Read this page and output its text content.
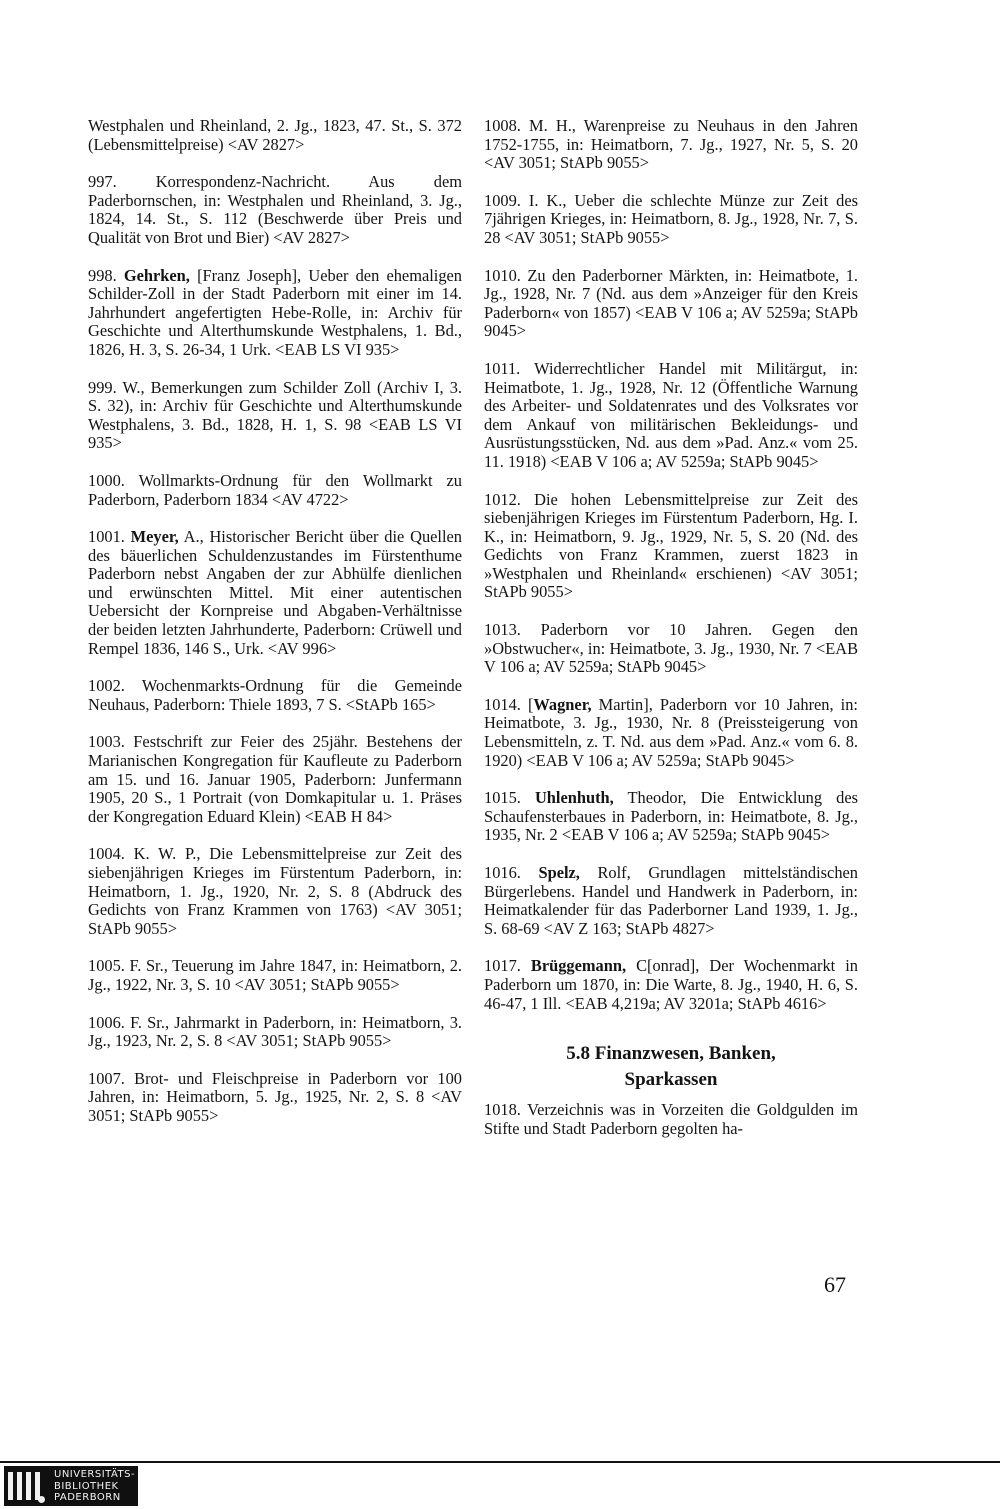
Westphalen und Rheinland, 2. Jg., 1823, 47. St., S. 372 (Lebensmittelpreise) <AV 2827>

997. Korrespondenz-Nachricht. Aus dem Paderbornschen, in: Westphalen und Rheinland, 3. Jg., 1824, 14. St., S. 112 (Beschwerde über Preis und Qualität von Brot und Bier) <AV 2827>

998. Gehrken, [Franz Joseph], Ueber den ehemaligen Schilder-Zoll in der Stadt Paderborn mit einer im 14. Jahrhundert angefertigten Hebe-Rolle, in: Archiv für Geschichte und Alterthumskunde Westphalens, 1. Bd., 1826, H. 3, S. 26-34, 1 Urk. <EAB LS VI 935>

999. W., Bemerkungen zum Schilder Zoll (Archiv I, 3. S. 32), in: Archiv für Geschichte und Alterthumskunde Westphalens, 3. Bd., 1828, H. 1, S. 98 <EAB LS VI 935>

1000. Wollmarkts-Ordnung für den Wollmarkt zu Paderborn, Paderborn 1834 <AV 4722>

1001. Meyer, A., Historischer Bericht über die Quellen des bäuerlichen Schuldenzustandes im Fürstenthume Paderborn nebst Angaben der zur Abhülfe dienlichen und erwünschten Mittel. Mit einer autentischen Uebersicht der Kornpreise und Abgaben-Verhältnisse der beiden letzten Jahrhunderte, Paderborn: Crüwell und Rempel 1836, 146 S., Urk. <AV 996>

1002. Wochenmarkts-Ordnung für die Gemeinde Neuhaus, Paderborn: Thiele 1893, 7 S. <StAPb 165>

1003. Festschrift zur Feier des 25jähr. Bestehens der Marianischen Kongregation für Kaufleute zu Paderborn am 15. und 16. Januar 1905, Paderborn: Junfermann 1905, 20 S., 1 Portrait (von Domkapitular u. 1. Präses der Kongregation Eduard Klein) <EAB H 84>

1004. K. W. P., Die Lebensmittelpreise zur Zeit des siebenjährigen Krieges im Fürstentum Paderborn, in: Heimatborn, 1. Jg., 1920, Nr. 2, S. 8 (Abdruck des Gedichts von Franz Krammen von 1763) <AV 3051; StAPb 9055>

1005. F. Sr., Teuerung im Jahre 1847, in: Heimatborn, 2. Jg., 1922, Nr. 3, S. 10 <AV 3051; StAPb 9055>

1006. F. Sr., Jahrmarkt in Paderborn, in: Heimatborn, 3. Jg., 1923, Nr. 2, S. 8 <AV 3051; StAPb 9055>

1007. Brot- und Fleischpreise in Paderborn vor 100 Jahren, in: Heimatborn, 5. Jg., 1925, Nr. 2, S. 8 <AV 3051; StAPb 9055>

1008. M. H., Warenpreise zu Neuhaus in den Jahren 1752-1755, in: Heimatborn, 7. Jg., 1927, Nr. 5, S. 20 <AV 3051; StAPb 9055>

1009. I. K., Ueber die schlechte Münze zur Zeit des 7jährigen Krieges, in: Heimatborn, 8. Jg., 1928, Nr. 7, S. 28 <AV 3051; StAPb 9055>

1010. Zu den Paderborner Märkten, in: Heimatbote, 1. Jg., 1928, Nr. 7 (Nd. aus dem »Anzeiger für den Kreis Paderborn« von 1857) <EAB V 106 a; AV 5259a; StAPb 9045>

1011. Widerrechtlicher Handel mit Militärgut, in: Heimatbote, 1. Jg., 1928, Nr. 12 (Öffentliche Warnung des Arbeiter- und Soldatenrates und des Volksrates vor dem Ankauf von militärischen Bekleidungs- und Ausrüstungsstücken, Nd. aus dem »Pad. Anz.« vom 25. 11. 1918) <EAB V 106 a; AV 5259a; StAPb 9045>

1012. Die hohen Lebensmittelpreise zur Zeit des siebenjährigen Krieges im Fürstentum Paderborn, Hg. I. K., in: Heimatborn, 9. Jg., 1929, Nr. 5, S. 20 (Nd. des Gedichts von Franz Krammen, zuerst 1823 in »Westphalen und Rheinland« erschienen) <AV 3051; StAPb 9055>

1013. Paderborn vor 10 Jahren. Gegen den »Obstwucher«, in: Heimatbote, 3. Jg., 1930, Nr. 7 <EAB V 106 a; AV 5259a; StAPb 9045>

1014. [Wagner, Martin], Paderborn vor 10 Jahren, in: Heimatbote, 3. Jg., 1930, Nr. 8 (Preissteigerung von Lebensmitteln, z. T. Nd. aus dem »Pad. Anz.« vom 6. 8. 1920) <EAB V 106 a; AV 5259a; StAPb 9045>

1015. Uhlenhuth, Theodor, Die Entwicklung des Schaufensterbaues in Paderborn, in: Heimatbote, 8. Jg., 1935, Nr. 2 <EAB V 106 a; AV 5259a; StAPb 9045>

1016. Spelz, Rolf, Grundlagen mittelständischen Bürgerlebens. Handel und Handwerk in Paderborn, in: Heimatkalender für das Paderborner Land 1939, 1. Jg., S. 68-69 <AV Z 163; StAPb 4827>

1017. Brüggemann, C[onrad], Der Wochenmarkt in Paderborn um 1870, in: Die Warte, 8. Jg., 1940, H. 6, S. 46-47, 1 Ill. <EAB 4,219a; AV 3201a; StAPb 4616>

5.8 Finanzwesen, Banken,
Sparkassen

1018. Verzeichnis was in Vorzeiten die Goldgulden im Stifte und Stadt Paderborn gegolten ha-

67
UNIVERSITÄTS-
BIBLIOTHEK
PADERBORN
